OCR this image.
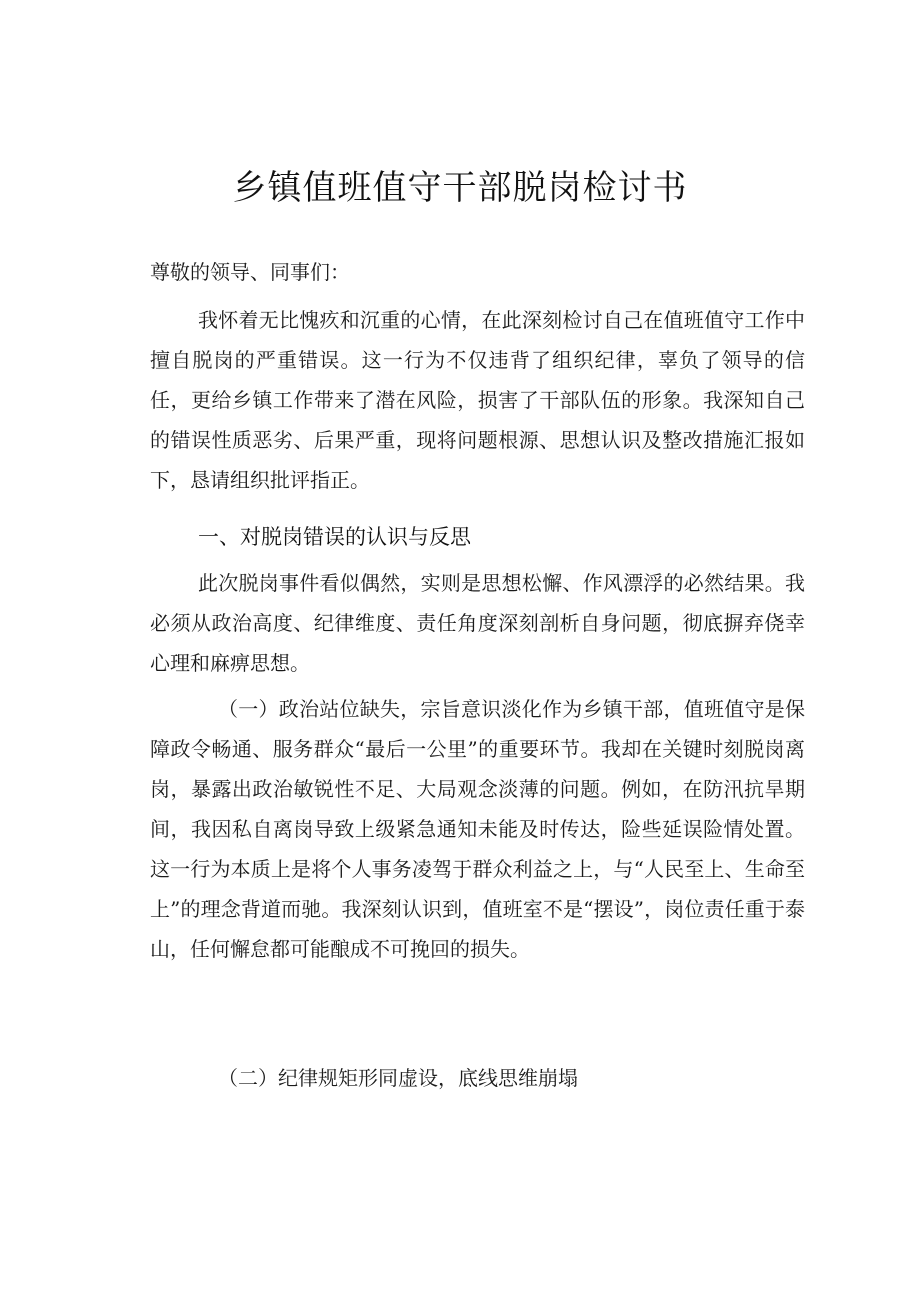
乡镇值班值守干部脱岗检讨书

尊敬的领导、同事们：

我怀着无比愧疚和沉重的心情，在此深刻检讨自己在值班值守工作中擅自脱岗的严重错误。这一行为不仅违背了组织纪律，辜负了领导的信任，更给乡镇工作带来了潜在风险，损害了干部队伍的形象。我深知自己的错误性质恶劣、后果严重，现将问题根源、思想认识及整改措施汇报如下，恳请组织批评指正。

一、对脱岗错误的认识与反思

此次脱岗事件看似偶然，实则是思想松懈、作风漂浮的必然结果。我必须从政治高度、纪律维度、责任角度深刻剖析自身问题，彻底摒弃侥幸心理和麻痹思想。

（一）政治站位缺失，宗旨意识淡化作为乡镇干部，值班值守是保障政令畅通、服务群众“最后一公里”的重要环节。我却在关键时刻脱岗离岗，暴露出政治敏锐性不足、大局观念淡薄的问题。例如，在防汛抗旱期间，我因私自离岗导致上级紧急通知未能及时传达，险些延误险情处置。这一行为本质上是将个人事务凌驾于群众利益之上，与“人民至上、生命至上”的理念背道而驰。我深刻认识到，值班室不是“摆设”，岗位责任重于泰山，任何懈怠都可能酿成不可挽回的损失。

（二）纪律规矩形同虚设，底线思维崩塌
